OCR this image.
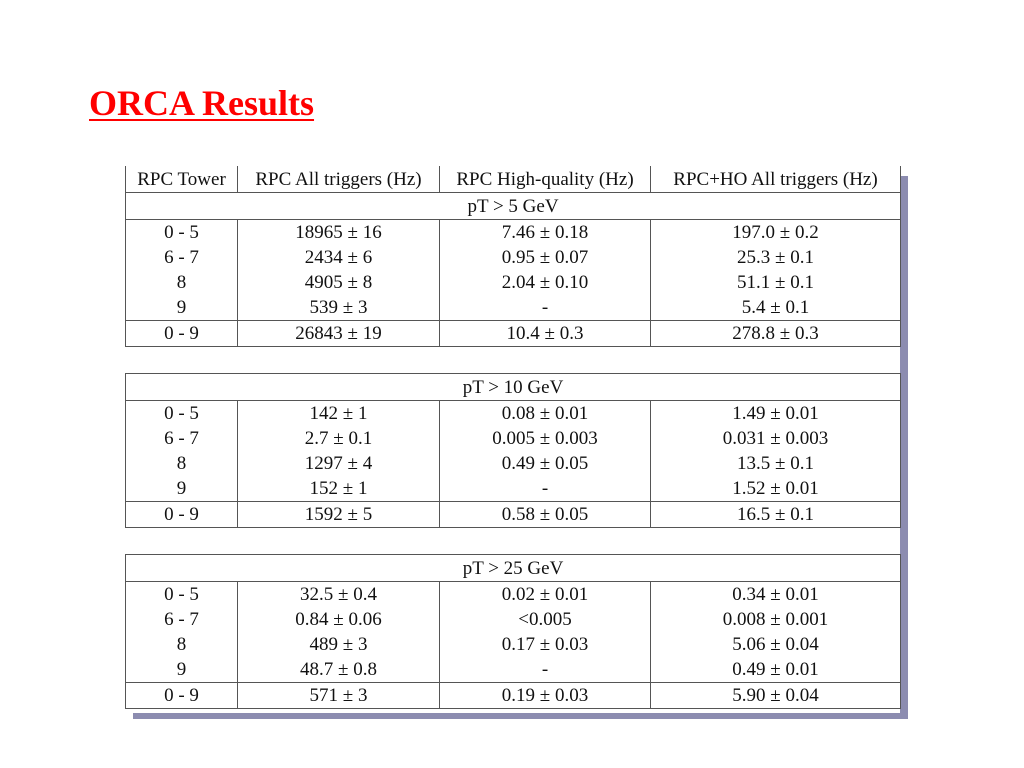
ORCA Results
RPC Tower	RPC All triggers (Hz)	RPC High-quality (Hz)	RPC+HO All triggers (Hz)
pT > 5 GeV			
0 - 5	18965 ± 16	7.46 ± 0.18	197.0 ± 0.2
6 - 7	2434 ± 6	0.95 ± 0.07	25.3 ± 0.1
8	4905 ± 8	2.04 ± 0.10	51.1 ± 0.1
9	539 ± 3	-	5.4 ± 0.1
0 - 9	26843 ± 19	10.4 ± 0.3	278.8 ± 0.3

pT > 10 GeV			
0 - 5	142 ± 1	0.08 ± 0.01	1.49 ± 0.01
6 - 7	2.7 ± 0.1	0.005 ± 0.003	0.031 ± 0.003
8	1297 ± 4	0.49 ± 0.05	13.5 ± 0.1
9	152 ± 1	-	1.52 ± 0.01
0 - 9	1592 ± 5	0.58 ± 0.05	16.5 ± 0.1

pT > 25 GeV			
0 - 5	32.5 ± 0.4	0.02 ± 0.01	0.34 ± 0.01
6 - 7	0.84 ± 0.06	<0.005	0.008 ± 0.001
8	489 ± 3	0.17 ± 0.03	5.06 ± 0.04
9	48.7 ± 0.8	-	0.49 ± 0.01
0 - 9	571 ± 3	0.19 ± 0.03	5.90 ± 0.04
